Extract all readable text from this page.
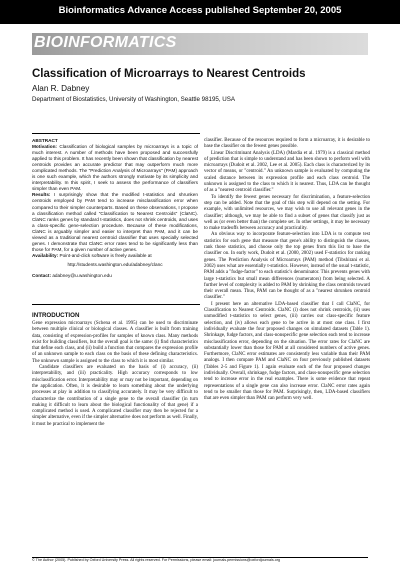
Bioinformatics Advance Access published September 20, 2005
BIOINFORMATICS
Classification of Microarrays to Nearest Centroids
Alan R. Dabney
Department of Biostatistics, University of Washington, Seattle 98195, USA

ABSTRACT

Motivation: Classification of biological samples by microarrays is a topic of much interest. A number of methods have been proposed and successfully applied to this problem. It has recently been shown that classification by nearest centroids provides an accurate predictor that may outperform much more complicated methods. The "Prediction Analysis of Microarrays" (PAM) approach is one such example, which the authors strongly motivate by its simplicity and interpretability. In this spirit, I seek to assess the performance of classifiers simpler than even PAM.

Results: I surprisingly show that the modified t-statistics and shrunken centroids employed by PAM tend to increase misclassification error when compared to their simpler counterparts. Based on these observations, I propose a classification method called "Classification to Nearest Centroids" (ClaNC). ClaNC ranks genes by standard t-statistics, does not shrink centroids, and uses a class-specific gene-selection procedure. Because of these modifications, ClaNC is arguably simpler and easier to interpret than PAM, and it can be viewed as a traditional nearest centroid classifier that uses specially selected genes. I demonstrate that ClaNC error rates tend to be significantly less than those for PAM, for a given number of active genes.

Availability: Point-and-click software is freely available at

http://students.washington.edu/adabney/clanc

Contact: adabney@u.washington.edu

INTRODUCTION

Gene expression microarrays (Schena et al. 1995) can be used to discriminate between multiple clinical or biological classes. A classifier is built from training data, consisting of expression-profiles for samples of known class. Many methods exist for building classifiers, but the overall goal is the same: (i) find characteristics that define each class, and (ii) build a function that compares the expression profile of an unknown sample to each class on the basis of these defining characteristics. The unknown sample is assigned to the class to which it is most similar.

Candidate classifiers are evaluated on the basis of (i) accuracy, (ii) interpretability, and (iii) practicality. High accuracy corresponds to low misclassification error. Interpretability may or may not be important, depending on the application. Often, it is desirable to learn something about the underlying processes at play in addition to classifying accurately. It may be very difficult to characterize the contribution of a single gene to the overall classifier (in turn making it difficult to learn about the biological functionality of that gene) if a complicated method is used. A complicated classifier may then be rejected for a simpler alternative, even if the simpler alternative does not perform as well. Finally, it must be practical to implement the

classifier. Because of the resources required to form a microarray, it is desirable to base the classifier on the fewest genes possible.

Linear Discriminant Analysis (LDA) (Mardia et al. 1979) is a classical method of prediction that is simple to understand and has been shown to perform well with microarrays (Dudoit et al. 2002, Lee et al. 2005). Each class is characterized by its vector of means, or "centroid." An unknown sample is evaluated by computing the scaled distance between its expression profile and each class centroid. The unknown is assigned to the class to which it is nearest. Thus, LDA can be thought of as a "nearest centroid classifier."

To identify the fewest genes necessary for discrimination, a feature-selection step can be added. Note that the goal of this step will depend on the setting. For example, with unlimited resources, we may wish to use all relevant genes in the classifier; although, we may be able to find a subset of genes that classify just as well as (or even better than) the complete set. In other settings, it may be necessary to make tradeoffs between accuracy and practicality.

An obvious way to incorporate feature-selection into LDA is to compute test statistics for each gene that measure that gene's ability to distinguish the classes, rank those statistics, and choose only the top genes from this list to base the classifier on. In early work, Dudoit et al. (2000, 2002) used F-statistics for ranking genes. The Prediction Analysis of Microarrays (PAM) method (Tibshirani et al. 2002) uses what are essentially t-statistics. However, instead of the usual t-statistic, PAM adds a "fudge-factor" to each statistic's denominator. This prevents genes with large t-statistics but small mean differences (numerators) from being selected. A further level of complexity is added to PAM by shrinking the class centroids toward their overall mean. Thus, PAM can be thought of as a "nearest shrunken centroid classifier."

I present here an alternative LDA-based classifier that I call ClaNC, for Classification to Nearest Centroids. ClaNC (i) does not shrink centroids, (ii) uses unmodified t-statistics to select genes, (iii) carries out class-specific feature selection, and (iv) allows each gene to be active in at most one class. I first individually evaluate the four proposed changes on simulated datasets (Table 1). Shrinkage, fudge factors, and class-nonspecific gene selection each tend to increase misclassification error, depending on the situation. The error rates for ClaNC are substantially lower than those for PAM at all considered numbers of active genes. Furthermore, ClaNC error estimates are consistently less variable than their PAM analogs. I then compare PAM and ClaNC on four previously published datasets (Tables 2-5 and Figure 1). I again evaluate each of the four proposed changes individually. Overall, shrinkage, fudge factors, and class-nonspecific gene selection tend to increase error in the real examples. There is some evidence that repeat representations of a single gene can also increase error. ClaNC error rates again tend to be smaller than those for PAM. Surprisingly, then, LDA-based classifiers that are even simpler than PAM can perform very well.

© The Author (2005). Published by Oxford University Press. All rights reserved. For Permissions, please email: journals.permissions@oxfordjournals.org
